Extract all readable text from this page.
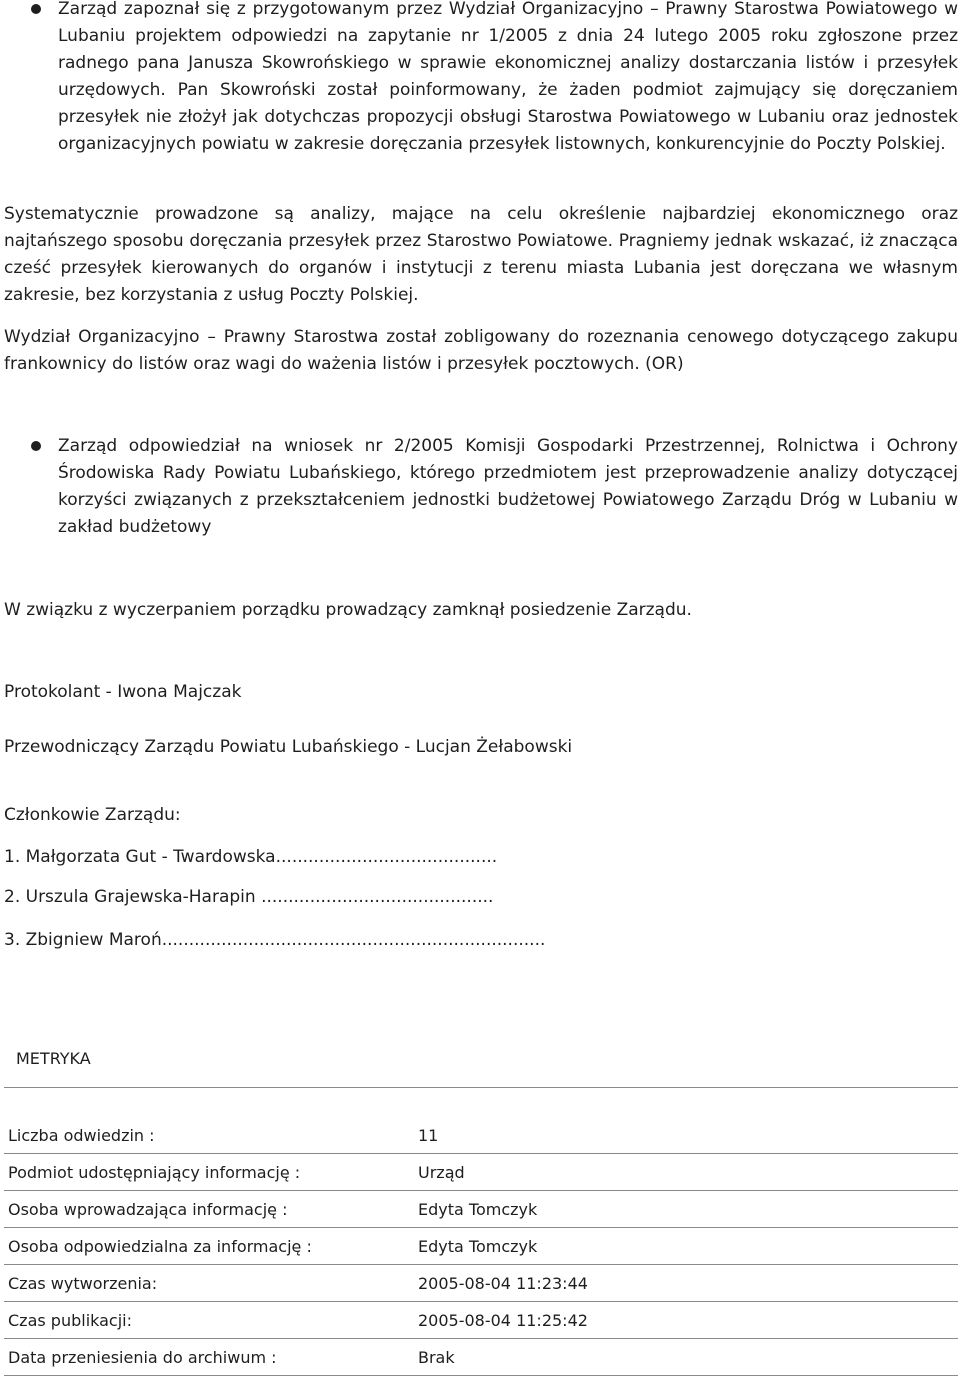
Zarząd zapoznał się z przygotowanym przez Wydział Organizacyjno – Prawny Starostwa Powiatowego w Lubaniu projektem odpowiedzi na zapytanie nr 1/2005 z dnia 24 lutego 2005 roku zgłoszone przez radnego pana Janusza Skowrońskiego w sprawie ekonomicznej analizy dostarczania listów i przesyłek urzędowych. Pan Skowroński został poinformowany, że żaden podmiot zajmujący się doręczaniem przesyłek nie złożył jak dotychczas propozycji obsługi Starostwa Powiatowego w Lubaniu oraz jednostek organizacyjnych powiatu w zakresie doręczania przesyłek listownych, konkurencyjnie do Poczty Polskiej.
Systematycznie prowadzone są analizy, mające na celu określenie najbardziej ekonomicznego oraz najtańszego sposobu doręczania przesyłek przez Starostwo Powiatowe. Pragniemy jednak wskazać, iż znacząca cześć przesyłek kierowanych do organów i instytucji z terenu miasta Lubania jest doręczana we własnym zakresie, bez korzystania z usług Poczty Polskiej.
Wydział Organizacyjno – Prawny Starostwa został zobligowany do rozeznania cenowego dotyczącego zakupu frankownicy do listów oraz wagi do ważenia listów i przesyłek pocztowych. (OR)
Zarząd odpowiedział na wniosek nr 2/2005 Komisji Gospodarki Przestrzennej, Rolnictwa i Ochrony Środowiska Rady Powiatu Lubańskiego, którego przedmiotem jest przeprowadzenie analizy dotyczącej korzyści związanych z przekształceniem jednostki budżetowej Powiatowego Zarządu Dróg w Lubaniu w zakład budżetowy
W związku z wyczerpaniem porządku prowadzący zamknął posiedzenie Zarządu.
Protokolant - Iwona Majczak
Przewodniczący Zarządu Powiatu Lubańskiego - Lucjan Żełabowski
Członkowie Zarządu:
1. Małgorzata Gut - Twardowska.........................................
2. Urszula Grajewska-Harapin ...........................................
3. Zbigniew Maroń.......................................................................
METRYKA
Liczba odwiedzin :	11
Podmiot udostępniający informację :	Urząd
Osoba wprowadzająca informację :	Edyta Tomczyk
Osoba odpowiedzialna za informację :	Edyta Tomczyk
Czas wytworzenia:	2005-08-04 11:23:44
Czas publikacji:	2005-08-04 11:25:42
Data przeniesienia do archiwum :	Brak
